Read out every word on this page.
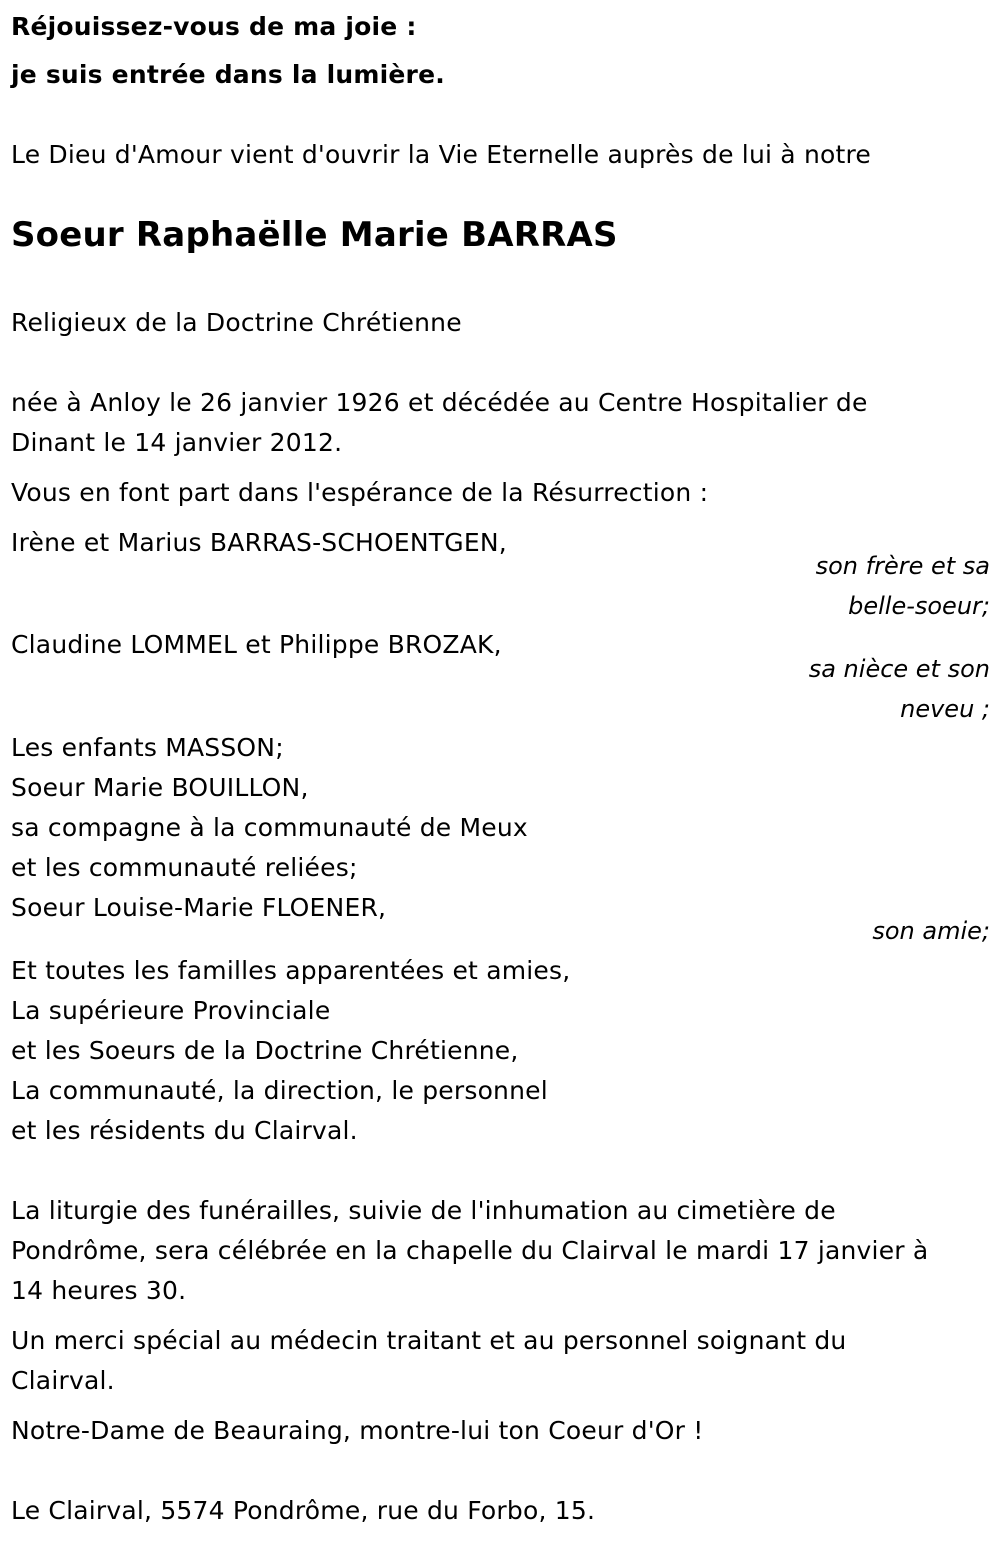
Réjouissez-vous de ma joie :
je suis entrée dans la lumière.
Le Dieu d'Amour vient d'ouvrir la Vie Eternelle auprès de lui à notre
Soeur Raphaëlle Marie BARRAS
Religieux de la Doctrine Chrétienne
née à Anloy le 26 janvier 1926 et décédée au Centre Hospitalier de
Dinant le 14 janvier 2012.
Vous en font part dans l'espérance de la Résurrection :
Irène et Marius BARRAS-SCHOENTGEN,
son frère et sa
belle-soeur;
Claudine LOMMEL et Philippe BROZAK,
sa nièce et son
neveu ;
Les enfants MASSON;
Soeur Marie BOUILLON,
sa compagne à la communauté de Meux
et les communauté reliées;
Soeur Louise-Marie FLOENER,
son amie;
Et toutes les familles apparentées et amies,
La supérieure Provinciale
et les Soeurs de la Doctrine Chrétienne,
La communauté, la direction, le personnel
et les résidents du Clairval.
La liturgie des funérailles, suivie de l'inhumation au cimetière de
Pondrôme, sera célébrée en la chapelle du Clairval le mardi 17 janvier à
14 heures 30.
Un merci spécial au médecin traitant et au personnel soignant du
Clairval.
Notre-Dame de Beauraing, montre-lui ton Coeur d'Or !
Le Clairval, 5574 Pondrôme, rue du Forbo, 15.
